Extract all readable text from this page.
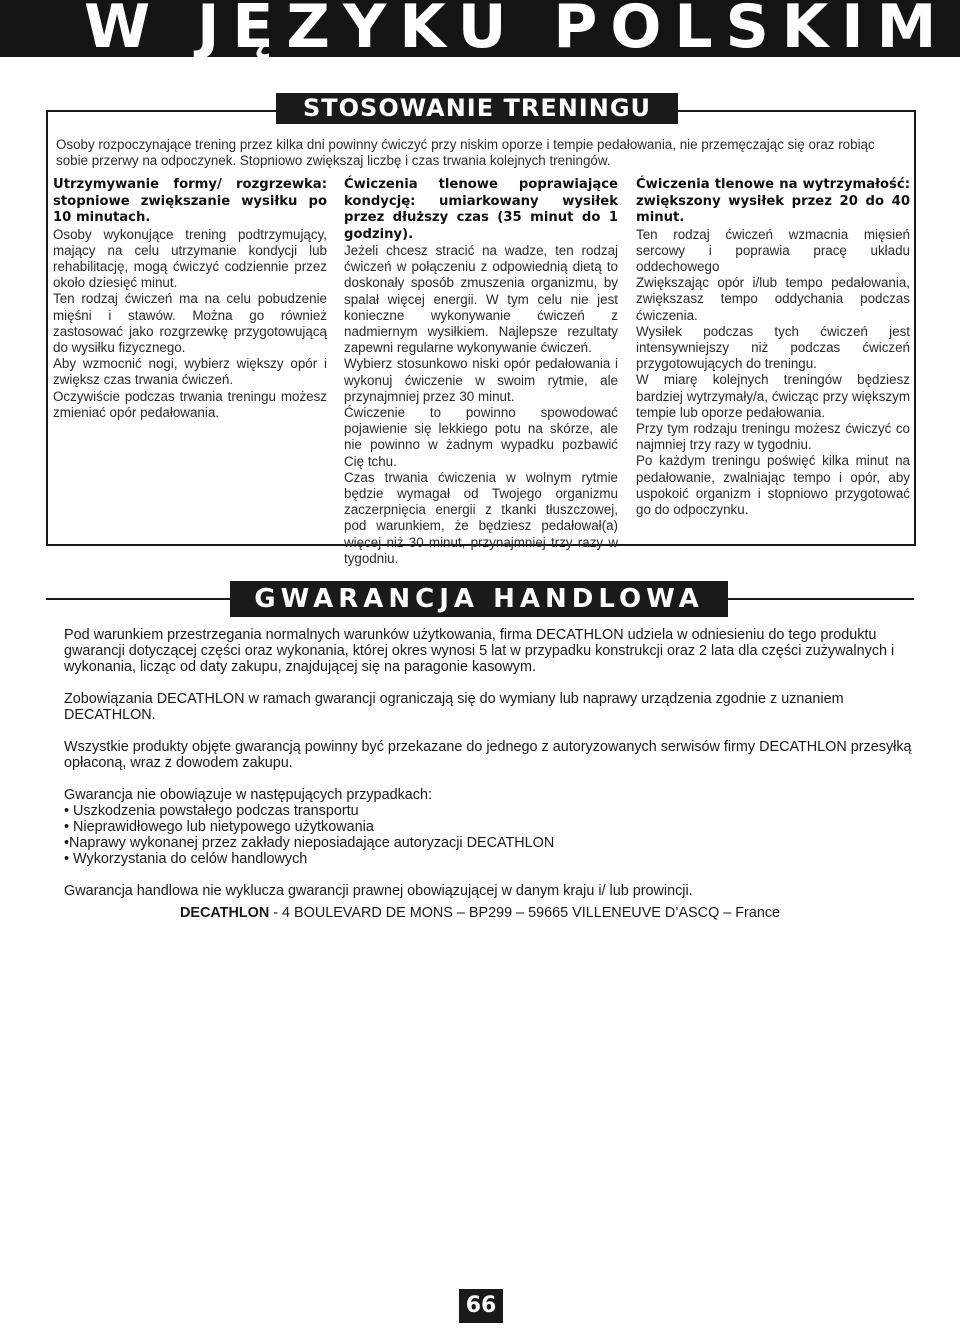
W JĘZYKU POLSKIM
STOSOWANIE TRENINGU
Osoby rozpoczynające trening przez kilka dni powinny ćwiczyć przy niskim oporze i tempie pedałowania, nie przemęczając się oraz robiąc sobie przerwy na odpoczynek. Stopniowo zwiększaj liczbę i czas trwania kolejnych treningów.
Utrzymywanie formy/ rozgrzewka: stopniowe zwiększanie wysiłku po 10 minutach.

Osoby wykonujące trening podtrzymujący, mający na celu utrzymanie kondycji lub rehabilitację, mogą ćwiczyć codziennie przez około dziesięć minut.

Ten rodzaj ćwiczeń ma na celu pobudzenie mięśni i stawów. Można go również zastosować jako rozgrzewkę przygotowującą do wysiłku fizycznego.

Aby wzmocnić nogi, wybierz większy opór i zwiększ czas trwania ćwiczeń.

Oczywiście podczas trwania treningu możesz zmieniać opór pedałowania.

Ćwiczenia tlenowe poprawiające kondycję: umiarkowany wysiłek przez dłuższy czas (35 minut do 1 godziny).

Jeżeli chcesz stracić na wadze, ten rodzaj ćwiczeń w połączeniu z odpowiednią dietą to doskonały sposób zmuszenia organizmu, by spalał więcej energii. W tym celu nie jest konieczne wykonywanie ćwiczeń z nadmiernym wysiłkiem. Najlepsze rezultaty zapewni regularne wykonywanie ćwiczeń.

Wybierz stosunkowo niski opór pedałowania i wykonuj ćwiczenie w swoim rytmie, ale przynajmniej przez 30 minut.

Ćwiczenie to powinno spowodować pojawienie się lekkiego potu na skórze, ale nie powinno w żadnym wypadku pozbawić Cię tchu.

Czas trwania ćwiczenia w wolnym rytmie będzie wymagał od Twojego organizmu zaczerpnięcia energii z tkanki tłuszczowej, pod warunkiem, że będziesz pedałował(a) więcej niż 30 minut, przynajmniej trzy razy w tygodniu.

Ćwiczenia tlenowe na wytrzymałość: zwiększony wysiłek przez 20 do 40 minut.

Ten rodzaj ćwiczeń wzmacnia mięsień sercowy i poprawia pracę układu oddechowego

Zwiększając opór i/lub tempo pedałowania, zwiększasz tempo oddychania podczas ćwiczenia.

Wysiłek podczas tych ćwiczeń jest intensywniejszy niż podczas ćwiczeń przygotowujących do treningu.

W miarę kolejnych treningów będziesz bardziej wytrzymały/a, ćwicząc przy większym tempie lub oporze pedałowania.

Przy tym rodzaju treningu możesz ćwiczyć co najmniej trzy razy w tygodniu.

Po każdym treningu poświęć kilka minut na pedałowanie, zwalniając tempo i opór, aby uspokoić organizm i stopniowo przygotować go do odpoczynku.

GWARANCJA HANDLOWA

Pod warunkiem przestrzegania normalnych warunków użytkowania, firma DECATHLON udziela w odniesieniu do tego produktu gwarancji dotyczącej części oraz wykonania, której okres wynosi 5 lat w przypadku konstrukcji oraz 2 lata dla części zużywalnych i wykonania, licząc od daty zakupu, znajdującej się na paragonie kasowym.

Zobowiązania DECATHLON w ramach gwarancji ograniczają się do wymiany lub naprawy urządzenia zgodnie z uznaniem DECATHLON.

Wszystkie produkty objęte gwarancją powinny być przekazane do jednego z autoryzowanych serwisów firmy DECATHLON przesyłką opłaconą, wraz z dowodem zakupu.

Gwarancja nie obowiązuje w następujących przypadkach:
• Uszkodzenia powstałego podczas transportu
• Nieprawidłowego lub nietypowego użytkowania
•Naprawy wykonanej przez zakłady nieposiadające autoryzacji DECATHLON
• Wykorzystania do celów handlowych

Gwarancja handlowa nie wyklucza gwarancji prawnej obowiązującej w danym kraju i/ lub prowincji.

DECATHLON - 4 BOULEVARD DE MONS – BP299 – 59665 VILLENEUVE D’ASCQ – France
66
